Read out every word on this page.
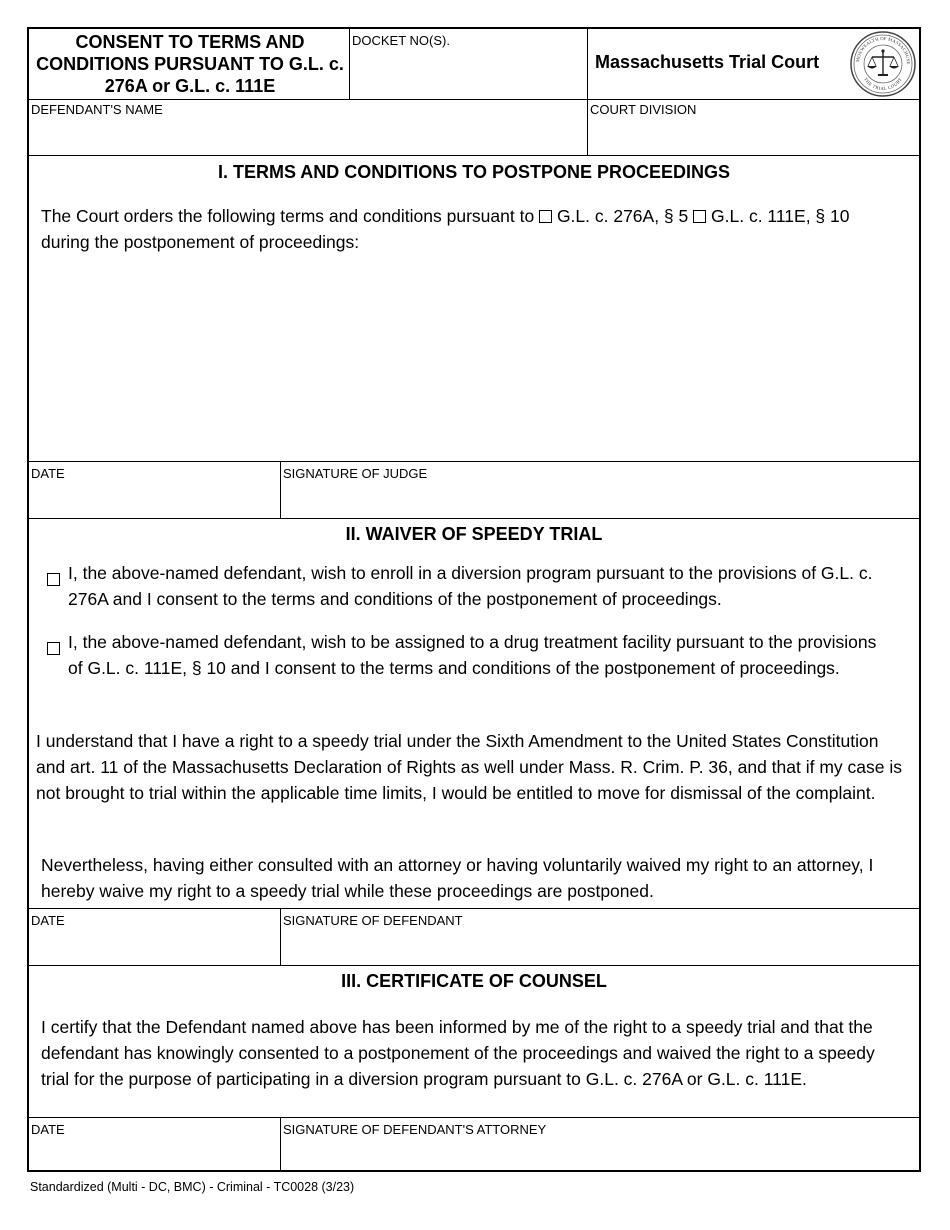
CONSENT TO TERMS AND CONDITIONS PURSUANT TO G.L. c. 276A or G.L. c. 111E
DOCKET NO(S).
Massachusetts Trial Court	MONWEALTH OF MASSACHUSE
THE TRIAL COURT
DEFENDANT'S NAME	COURT DIVISION
I. TERMS AND CONDITIONS TO POSTPONE PROCEEDINGS
The Court orders the following terms and conditions pursuant to G.L. c. 276A, § 5 G.L. c. 111E, § 10
during the postponement of proceedings:
DATE	SIGNATURE OF JUDGE
II. WAIVER OF SPEEDY TRIAL
I, the above-named defendant, wish to enroll in a diversion program pursuant to the provisions of G.L. c. 276A and I consent to the terms and conditions of the postponement of proceedings.
I, the above-named defendant, wish to be assigned to a drug treatment facility pursuant to the provisions of G.L. c. 111E, § 10 and I consent to the terms and conditions of the postponement of proceedings.
I understand that I have a right to a speedy trial under the Sixth Amendment to the United States Constitution and art. 11 of the Massachusetts Declaration of Rights as well under Mass. R. Crim. P. 36, and that if my case is not brought to trial within the applicable time limits, I would be entitled to move for dismissal of the complaint.
Nevertheless, having either consulted with an attorney or having voluntarily waived my right to an attorney, I hereby waive my right to a speedy trial while these proceedings are postponed.
DATE	SIGNATURE OF DEFENDANT
III. CERTIFICATE OF COUNSEL
I certify that the Defendant named above has been informed by me of the right to a speedy trial and that the defendant has knowingly consented to a postponement of the proceedings and waived the right to a speedy trial for the purpose of participating in a diversion program pursuant to G.L. c. 276A or G.L. c. 111E.
DATE	SIGNATURE OF DEFENDANT'S ATTORNEY
Standardized (Multi - DC, BMC) - Criminal - TC0028 (3/23)
